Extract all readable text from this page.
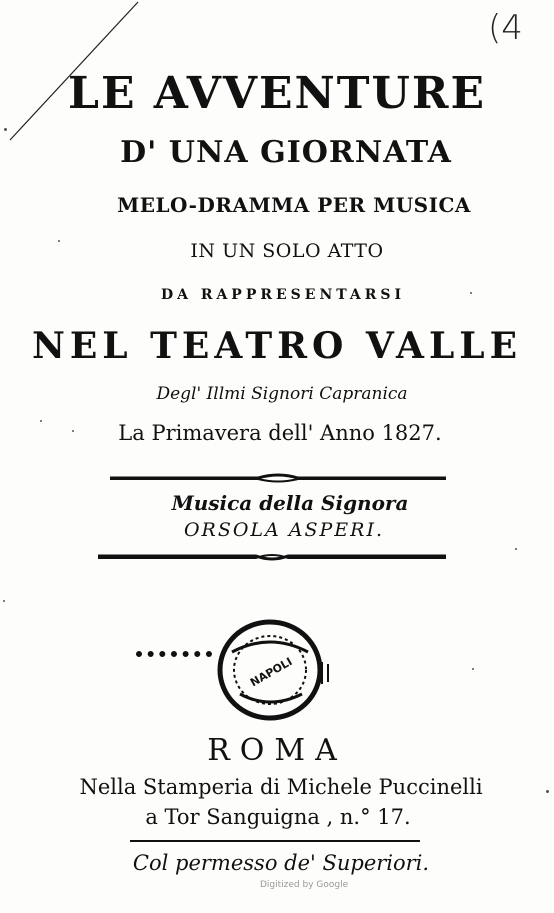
(4
LE AVVENTURE
D' UNA GIORNATA
MELO-DRAMMA PER MUSICA
IN UN SOLO ATTO
DA RAPPRESENTARSI
NEL TEATRO VALLE
Degl' Illmi Signori Capranica
La Primavera dell' Anno 1827.
Musica della Signora
ORSOLA ASPERI.
NAPOLI
ROMA
Nella Stamperia di Michele Puccinelli
a Tor Sanguigna , n.° 17.
Col permesso de' Superiori.
Digitized by Google
